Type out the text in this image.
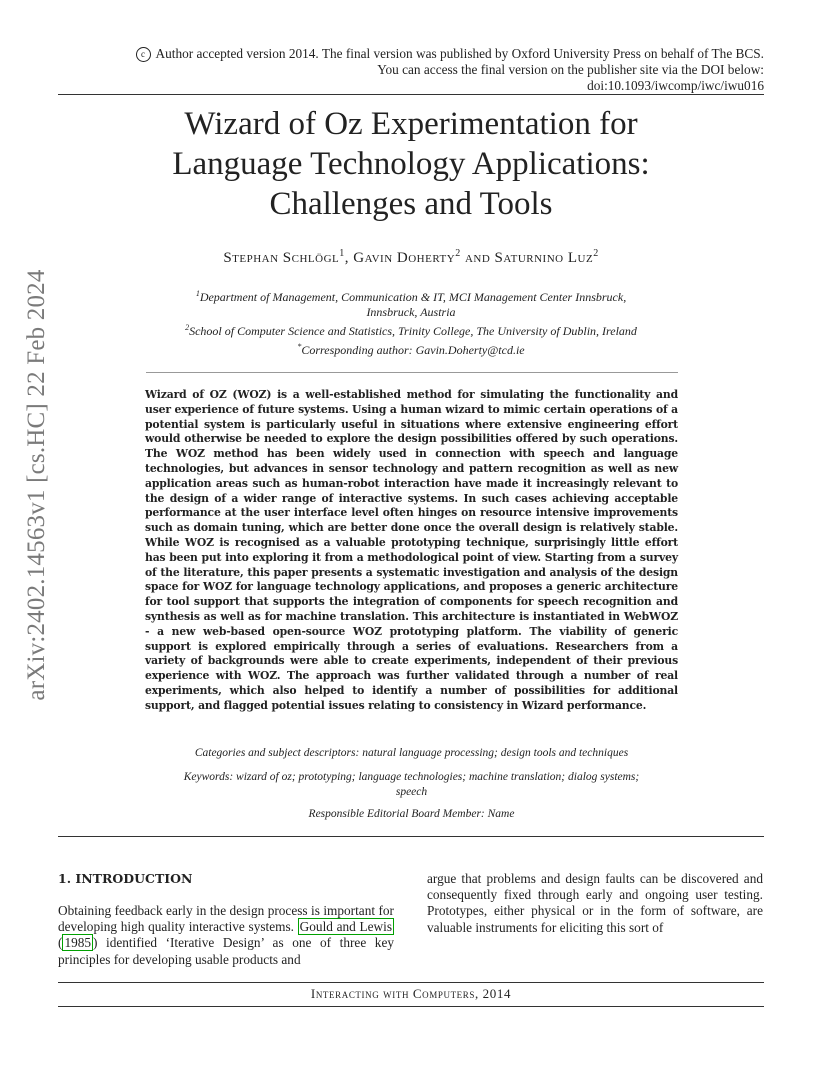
arXiv:2402.14563v1 [cs.HC] 22 Feb 2024
c Author accepted version 2014. The final version was published by Oxford University Press on behalf of The BCS.
You can access the final version on the publisher site via the DOI below:
doi:10.1093/iwcomp/iwc/iwu016
Wizard of Oz Experimentation for
Language Technology Applications:
Challenges and Tools
Stephan Schlögl$^1$, Gavin Doherty$^2$ and Saturnino Luz$^2$
$^1$Department of Management, Communication & IT, MCI Management Center Innsbruck,
Innsbruck, Austria
$^2$School of Computer Science and Statistics, Trinity College, The University of Dublin, Ireland
*Corresponding author: Gavin.Doherty@tcd.ie
Wizard of OZ (WOZ) is a well-established method for simulating the functionality and user experience of future systems. Using a human wizard to mimic certain operations of a potential system is particularly useful in situations where extensive engineering effort would otherwise be needed to explore the design possibilities offered by such operations. The WOZ method has been widely used in connection with speech and language technologies, but advances in sensor technology and pattern recognition as well as new application areas such as human-robot interaction have made it increasingly relevant to the design of a wider range of interactive systems. In such cases achieving acceptable performance at the user interface level often hinges on resource intensive improvements such as domain tuning, which are better done once the overall design is relatively stable. While WOZ is recognised as a valuable prototyping technique, surprisingly little effort has been put into exploring it from a methodological point of view. Starting from a survey of the literature, this paper presents a systematic investigation and analysis of the design space for WOZ for language technology applications, and proposes a generic architecture for tool support that supports the integration of components for speech recognition and synthesis as well as for machine translation. This architecture is instantiated in WebWOZ - a new web-based open-source WOZ prototyping platform. The viability of generic support is explored empirically through a series of evaluations. Researchers from a variety of backgrounds were able to create experiments, independent of their previous experience with WOZ. The approach was further validated through a number of real experiments, which also helped to identify a number of possibilities for additional support, and flagged potential issues relating to consistency in Wizard performance.
Categories and subject descriptors: natural language processing; design tools and techniques
Keywords: wizard of oz; prototyping; language technologies; machine translation; dialog systems;
speech
Responsible Editorial Board Member: Name
1. INTRODUCTION
Obtaining feedback early in the design process is important for developing high quality interactive systems. Gould and Lewis ( 1985 ) identified ‘Iterative Design’ as one of three key principles for developing usable products and
argue that problems and design faults can be discovered and consequently fixed through early and ongoing user testing. Prototypes, either physical or in the form of software, are valuable instruments for eliciting this sort of
Interacting with Computers, 2014
